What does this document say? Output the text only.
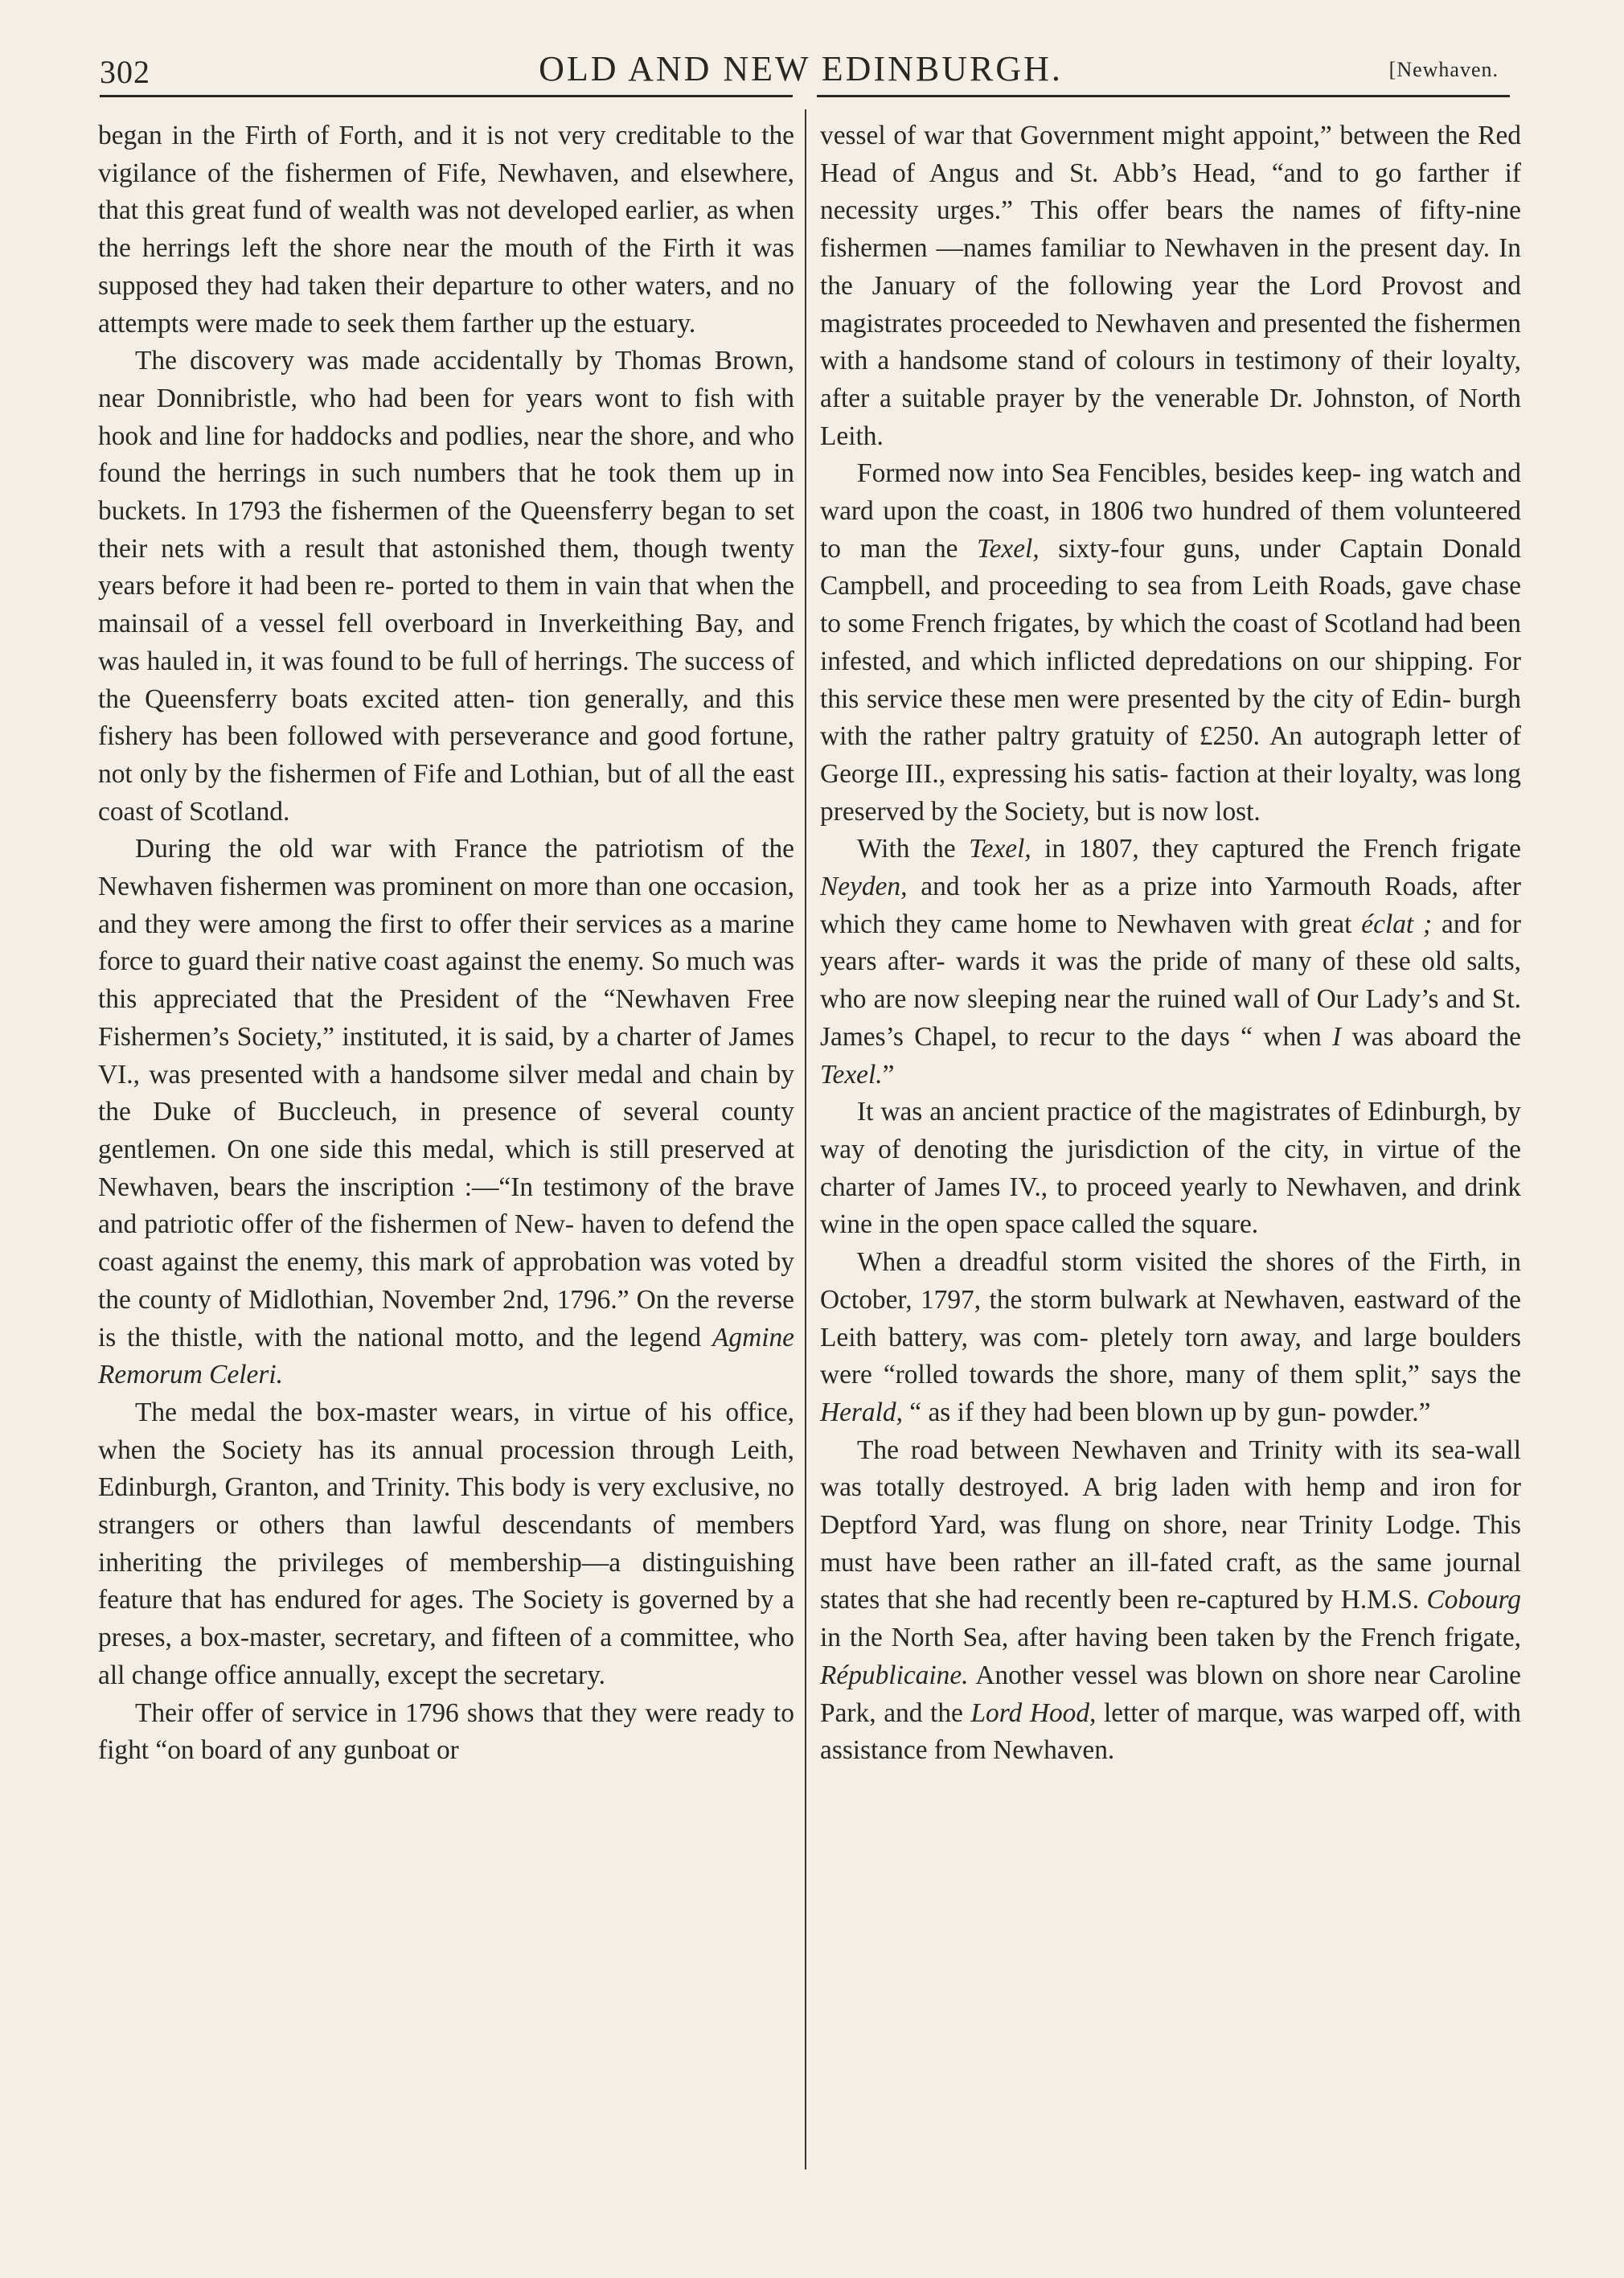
302	OLD AND NEW EDINBURGH.	[Newhaven.

began in the Firth of Forth, and it is not very creditable to the vigilance of the fishermen of Fife, Newhaven, and elsewhere, that this great fund of wealth was not developed earlier, as when the herrings left the shore near the mouth of the Firth it was supposed they had taken their departure to other waters, and no attempts were made to seek them farther up the estuary.

The discovery was made accidentally by Thomas Brown, near Donnibristle, who had been for years wont to fish with hook and line for haddocks and podlies, near the shore, and who found the herrings in such numbers that he took them up in buckets. In 1793 the fishermen of the Queensferry began to set their nets with a result that astonished them, though twenty years before it had been re- ported to them in vain that when the mainsail of a vessel fell overboard in Inverkeithing Bay, and was hauled in, it was found to be full of herrings. The success of the Queensferry boats excited atten- tion generally, and this fishery has been followed with perseverance and good fortune, not only by the fishermen of Fife and Lothian, but of all the east coast of Scotland.

During the old war with France the patriotism of the Newhaven fishermen was prominent on more than one occasion, and they were among the first to offer their services as a marine force to guard their native coast against the enemy. So much was this appreciated that the President of the “Newhaven Free Fishermen’s Society,” instituted, it is said, by a charter of James VI., was presented with a handsome silver medal and chain by the Duke of Buccleuch, in presence of several county gentlemen. On one side this medal, which is still preserved at Newhaven, bears the inscription :—“In testimony of the brave and patriotic offer of the fishermen of New- haven to defend the coast against the enemy, this mark of approbation was voted by the county of Midlothian, November 2nd, 1796.” On the reverse is the thistle, with the national motto, and the legend Agmine Remorum Celeri.

The medal the box-master wears, in virtue of his office, when the Society has its annual procession through Leith, Edinburgh, Granton, and Trinity. This body is very exclusive, no strangers or others than lawful descendants of members inheriting the privileges of membership—a distinguishing feature that has endured for ages. The Society is governed by a preses, a box-master, secretary, and fifteen of a committee, who all change office annually, except the secretary.

Their offer of service in 1796 shows that they were ready to fight “on board of any gunboat or

vessel of war that Government might appoint,” between the Red Head of Angus and St. Abb’s Head, “and to go farther if necessity urges.” This offer bears the names of fifty-nine fishermen —names familiar to Newhaven in the present day. In the January of the following year the Lord Provost and magistrates proceeded to Newhaven and presented the fishermen with a handsome stand of colours in testimony of their loyalty, after a suitable prayer by the venerable Dr. Johnston, of North Leith.

Formed now into Sea Fencibles, besides keep- ing watch and ward upon the coast, in 1806 two hundred of them volunteered to man the Texel, sixty-four guns, under Captain Donald Campbell, and proceeding to sea from Leith Roads, gave chase to some French frigates, by which the coast of Scotland had been infested, and which inflicted depredations on our shipping. For this service these men were presented by the city of Edin- burgh with the rather paltry gratuity of £250. An autograph letter of George III., expressing his satis- faction at their loyalty, was long preserved by the Society, but is now lost.

With the Texel, in 1807, they captured the French frigate Neyden, and took her as a prize into Yarmouth Roads, after which they came home to Newhaven with great éclat ; and for years after- wards it was the pride of many of these old salts, who are now sleeping near the ruined wall of Our Lady’s and St. James’s Chapel, to recur to the days “ when I was aboard the Texel.”

It was an ancient practice of the magistrates of Edinburgh, by way of denoting the jurisdiction of the city, in virtue of the charter of James IV., to proceed yearly to Newhaven, and drink wine in the open space called the square.

When a dreadful storm visited the shores of the Firth, in October, 1797, the storm bulwark at Newhaven, eastward of the Leith battery, was com- pletely torn away, and large boulders were “rolled towards the shore, many of them split,” says the Herald, “ as if they had been blown up by gun- powder.”

The road between Newhaven and Trinity with its sea-wall was totally destroyed. A brig laden with hemp and iron for Deptford Yard, was flung on shore, near Trinity Lodge. This must have been rather an ill-fated craft, as the same journal states that she had recently been re-captured by H.M.S. Cobourg in the North Sea, after having been taken by the French frigate, Républicaine. Another vessel was blown on shore near Caroline Park, and the Lord Hood, letter of marque, was warped off, with assistance from Newhaven.
